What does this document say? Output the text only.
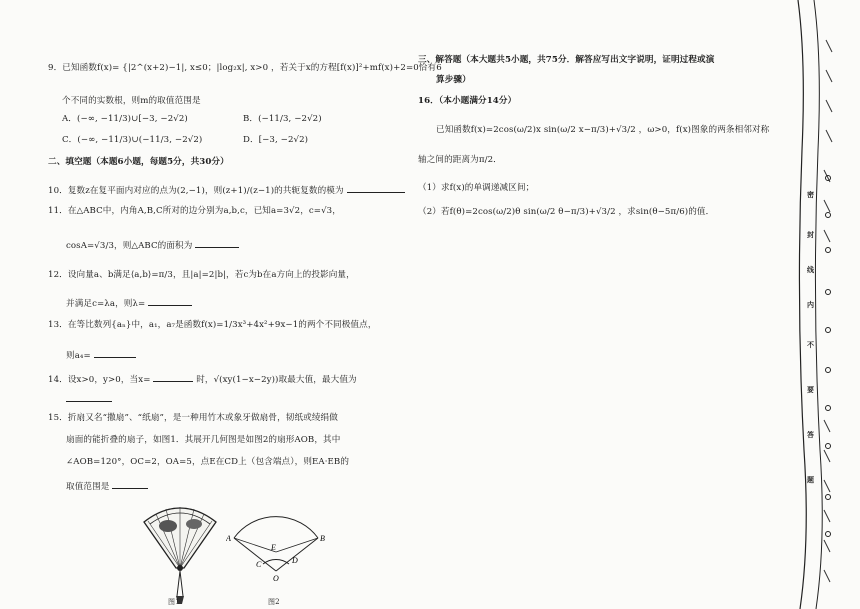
9．已知函数f(x)= {|2^(x+2)−1|, x≤0；|log₂x|, x>0 ，若关于x的方程[f(x)]²+mf(x)+2=0恰有6
个不同的实数根，则m的取值范围是
A．(−∞, −11/3)∪[−3, −2√2)	B．(−11/3, −2√2)
C．(−∞, −11/3)∪(−11/3, −2√2)	D．[−3, −2√2)
二、填空题（本题6小题，每题5分，共30分）
10．复数z在复平面内对应的点为(2,−1)，则(z+1)/(z−1)的共轭复数的模为
11．在△ABC中，内角A,B,C所对的边分别为a,b,c，已知a=3√2，c=√3，
cosA=√3/3，则△ABC的面积为
12．设向量a、b满足⟨a,b⟩=π/3，且|a|=2|b|，若c为b在a方向上的投影向量，
并满足c=λa，则λ=
13．在等比数列{aₙ}中，a₁，a₇是函数f(x)=1/3x³+4x²+9x−1的两个不同极值点，
则a₄=
14．设x>0，y>0，当x=	时，√(xy(1−x−2y))取最大值，最大值为
15．折扇又名“撒扇”、“纸扇”，是一种用竹木或象牙做扇骨，韧纸或绫绢做
扇面的能折叠的扇子，如图1．其展开几何图是如图2的扇形AOB，其中
∠AOB=120°，OC=2，OA=5，点E在CD上（包含端点），则EA·EB的
取值范围是
图1
A	B
E
C	D
O
图2
三、解答题（本大题共5小题，共75分．解答应写出文字说明，证明过程或演
算步骤）
16．（本小题满分14分）
已知函数f(x)=2cos(ω/2)x sin(ω/2 x−π/3)+√3/2 ，ω>0，f(x)图象的两条相邻对称
轴之间的距离为π/2．
（1）求f(x)的单调递减区间；
（2）若f(θ)=2cos(ω/2)θ sin(ω/2 θ−π/3)+√3/2 ，求sin(θ−5π/6)的值．
密
封
线
内
不
要
答
题
